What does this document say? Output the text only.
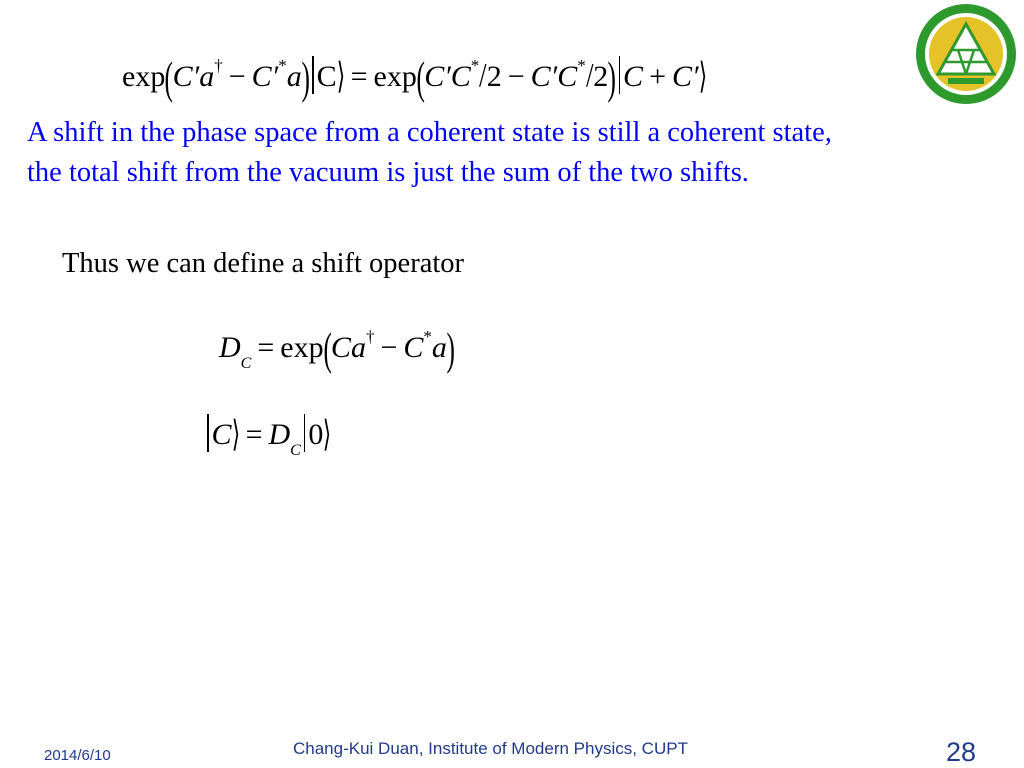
exp(C′a† − C′*a) C⟩ = exp(C′C*/2 − C′C*/2) C + C′⟩
A shift in the phase space from a coherent state is still a coherent state,
the total shift from the vacuum is just the sum of the two shifts.
Thus we can define a shift operator
$D_C = \exp(Ca^\dagger - C^*a)$
C⟩ = $D_C$ 0⟩
2014/6/10	Chang-Kui Duan, Institute of Modern Physics, CUPT	28
